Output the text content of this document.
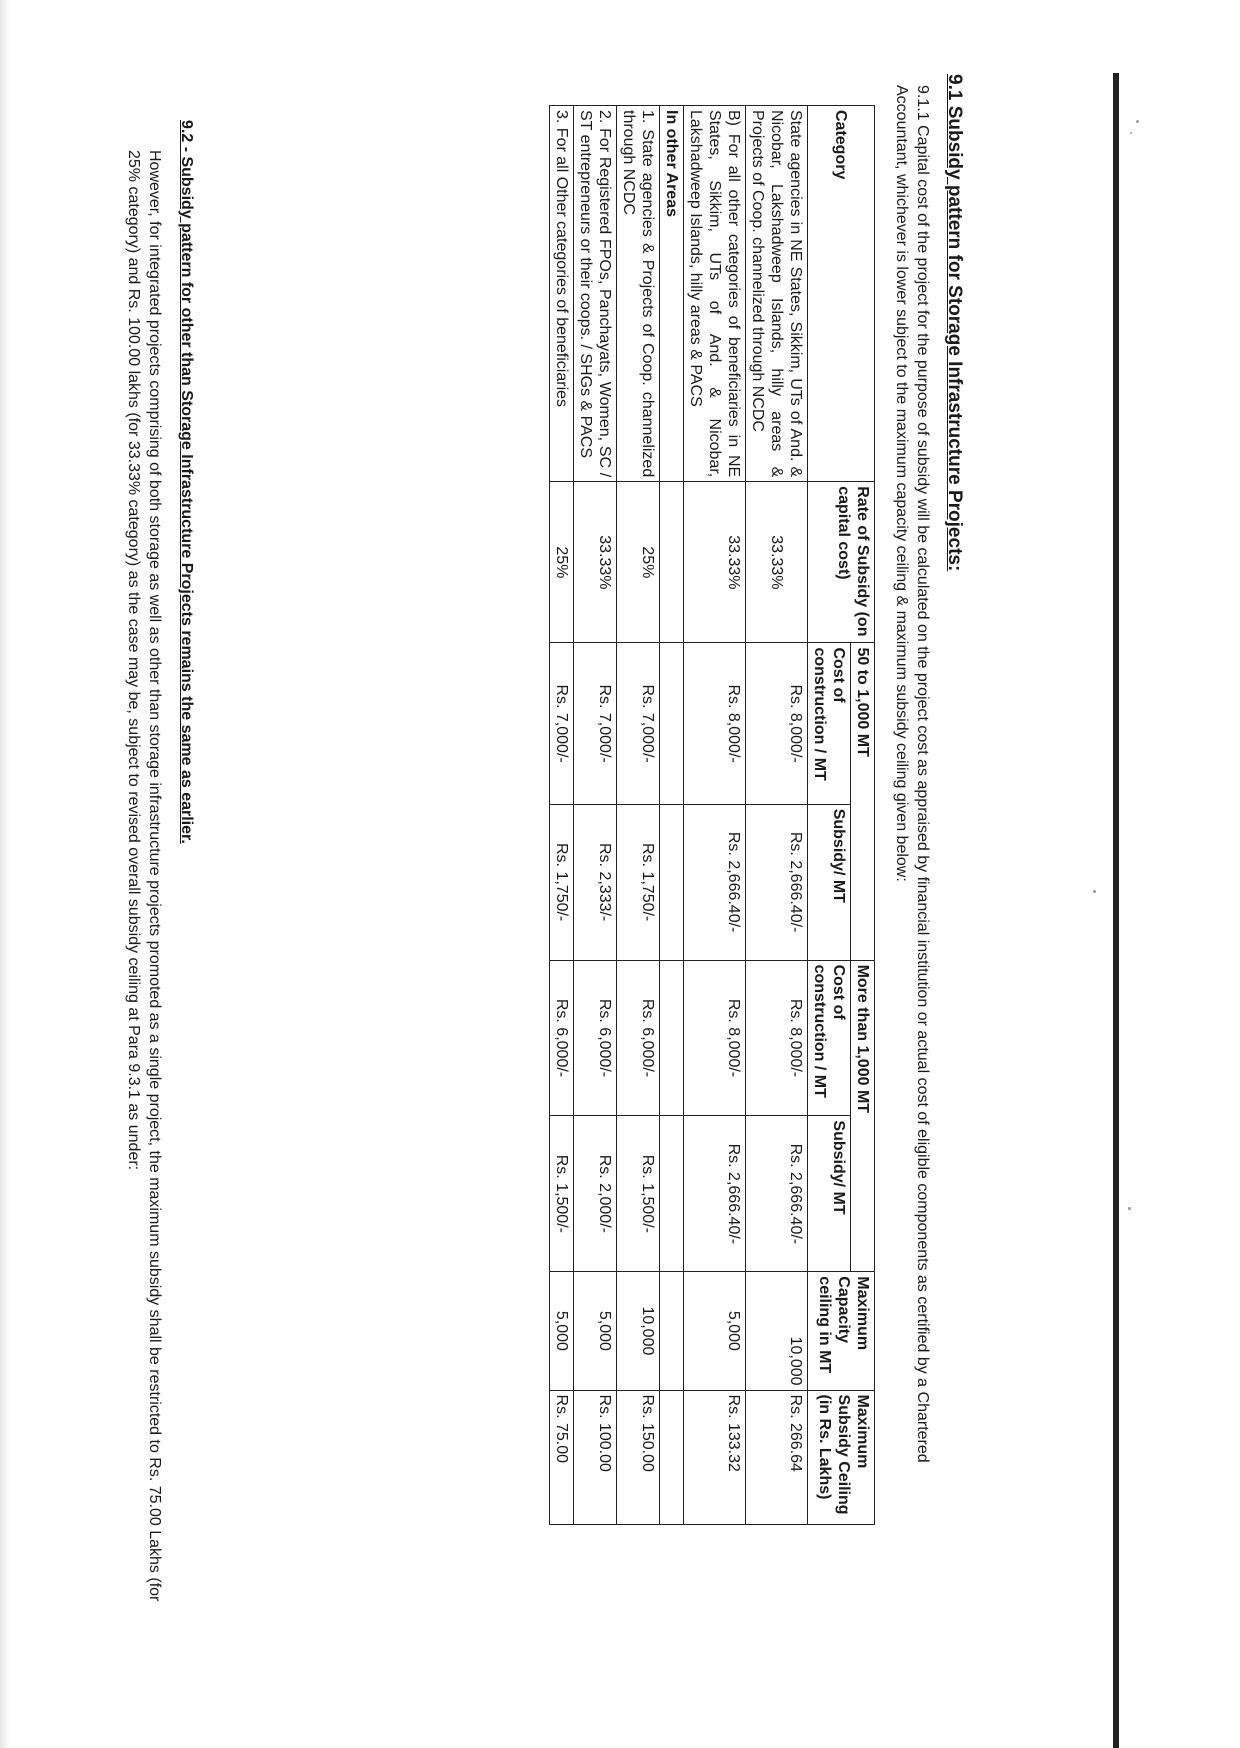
9.1 Subsidy pattern for Storage Infrastructure Projects:
9.1.1 Capital cost of the project for the purpose of subsidy will be calculated on the project cost as appraised by financial institution or actual cost of eligible components as certified by a Chartered Accountant, whichever is lower subject to the maximum capacity ceiling & maximum subsidy ceiling given below:
Category	Rate of Subsidy (on capital cost)	50 to 1,000 MT		More than 1,000 MT		Maximum Capacity ceiling in MT	Maximum Subsidy Ceiling (in Rs. Lakhs)
		Cost of construction / MT	Subsidy/ MT	Cost of construction / MT	Subsidy/ MT		
State agencies in NE States, Sikkim, UTs of And. & Nicobar, Lakshadweep Islands, hilly areas & Projects of Coop. channelized through NCDC	33.33%	Rs. 8,000/-	Rs. 2,666.40/-	Rs. 8,000/-	Rs. 2,666.40/-	10,000	Rs. 266.64
B) For all other categories of beneficiaries in NE States, Sikkim, UTs of And. & Nicobar, Lakshadweep Islands, hilly areas & PACS	33.33%	Rs. 8,000/-	Rs. 2,666.40/-	Rs. 8,000/-	Rs. 2,666.40/-	5,000	Rs. 133.32
In other Areas							
1. State agencies & Projects of Coop. channelized through NCDC	25%	Rs. 7,000/-	Rs. 1,750/-	Rs. 6,000/-	Rs. 1,500/-	10,000	Rs. 150.00
2. For Registered FPOs, Panchayats, Women, SC / ST entrepreneurs or their coops. / SHGs & PACS	33.33%	Rs. 7,000/-	Rs. 2,333/-	Rs. 6,000/-	Rs. 2,000/-	5,000	Rs. 100.00
3. For all Other categories of beneficiaries	25%	Rs. 7,000/-	Rs. 1,750/-	Rs. 6,000/-	Rs. 1,500/-	5,000	Rs. 75.00
9.2 - Subsidy pattern for other than Storage Infrastructure Projects remains the same as earlier.
However, for integrated projects comprising of both storage as well as other than storage infrastructure projects promoted as a single project, the maximum subsidy shall be restricted to Rs. 75.00 Lakhs (for 25% category) and Rs. 100.00 lakhs (for 33.33% category) as the case may be, subject to revised overall subsidy ceiling at Para 9.3.1 as under:
